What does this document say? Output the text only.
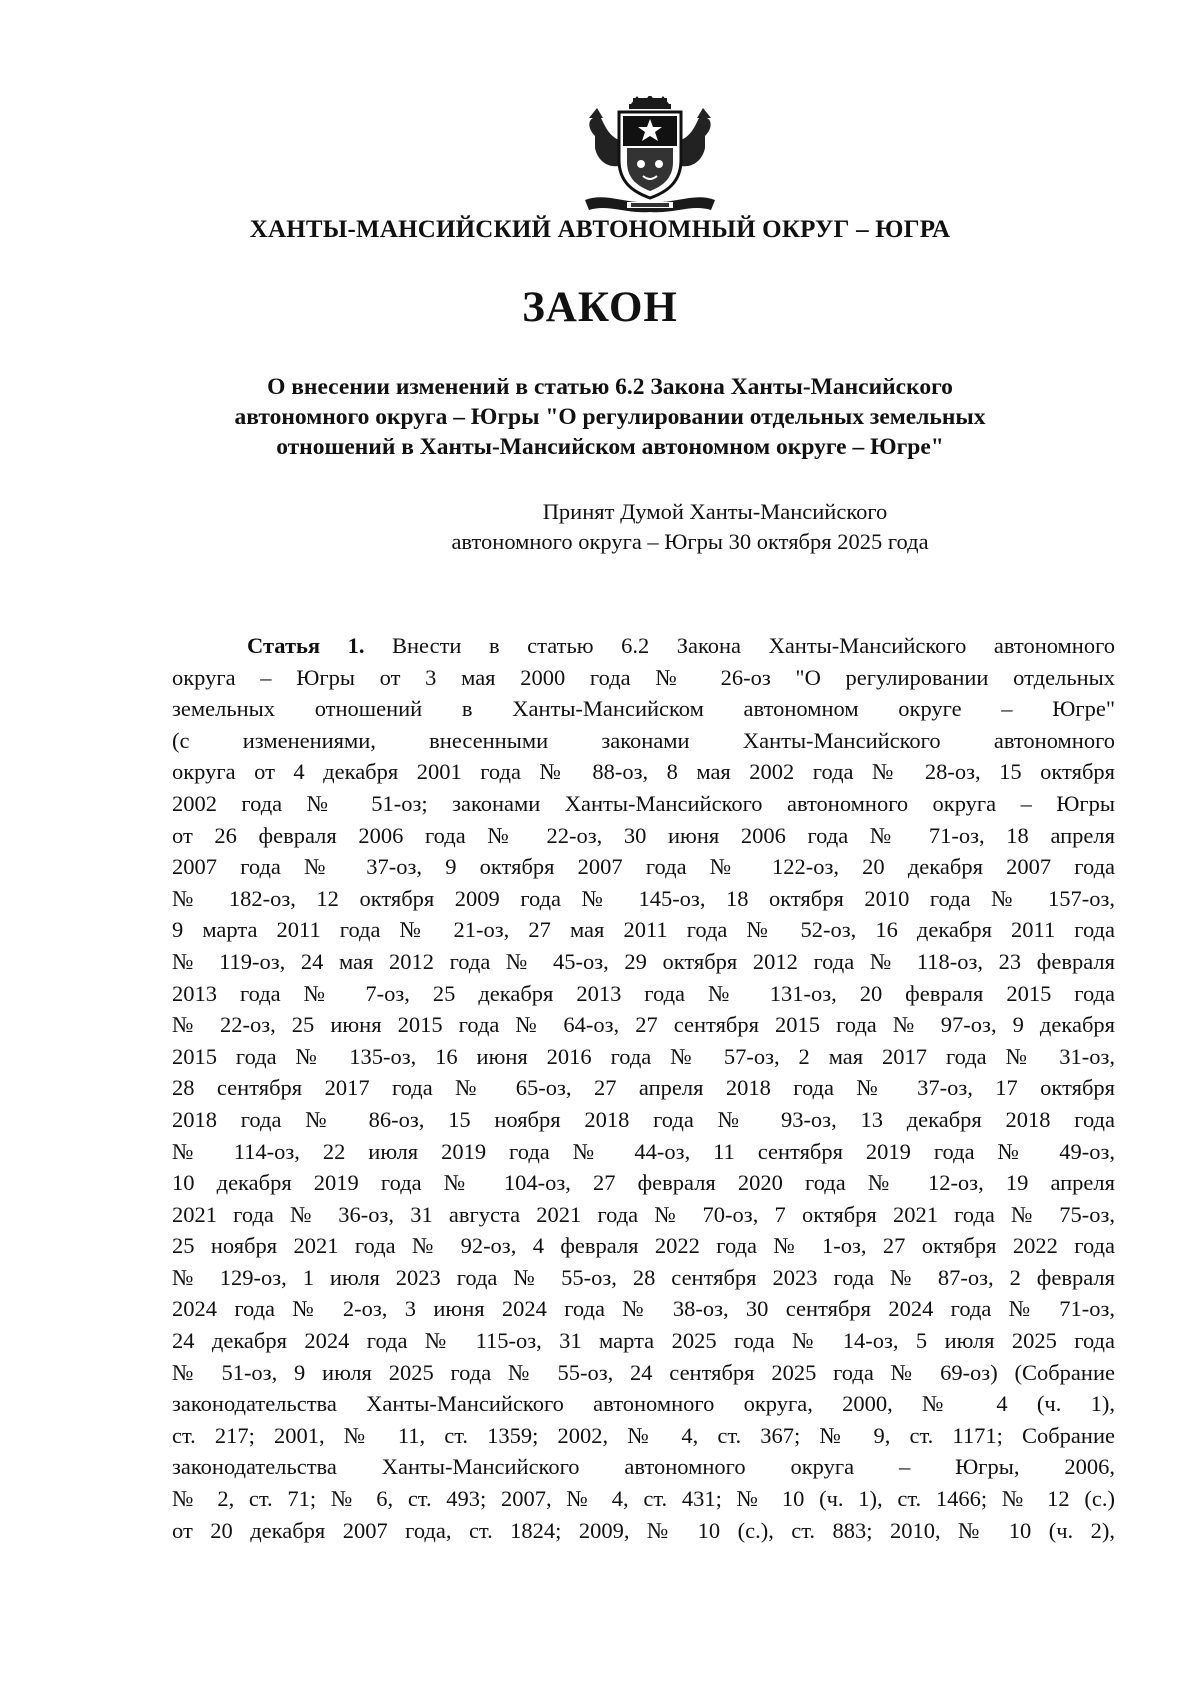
ХАНТЫ-МАНСИЙСКИЙ АВТОНОМНЫЙ ОКРУГ – ЮГРА
ЗАКОН
О внесении изменений в статью 6.2 Закона Ханты-Мансийского
автономного округа – Югры "О регулировании отдельных земельных
отношений в Ханты-Мансийском автономном округе – Югре"
Принят Думой Ханты-Мансийского
автономного округа – Югры 30 октября 2025 года
Статья 1. Внести в статью 6.2 Закона Ханты-Мансийского автономного
округа – Югры от 3 мая 2000 года № 26-оз "О регулировании отдельных
земельных отношений в Ханты-Мансийском автономном округе – Югре"
(с изменениями, внесенными законами Ханты-Мансийского автономного
округа от 4 декабря 2001 года № 88-оз, 8 мая 2002 года № 28-оз, 15 октября
2002 года № 51-оз; законами Ханты-Мансийского автономного округа – Югры
от 26 февраля 2006 года № 22-оз, 30 июня 2006 года № 71-оз, 18 апреля
2007 года № 37-оз, 9 октября 2007 года № 122-оз, 20 декабря 2007 года
№ 182-оз, 12 октября 2009 года № 145-оз, 18 октября 2010 года № 157-оз,
9 марта 2011 года № 21-оз, 27 мая 2011 года № 52-оз, 16 декабря 2011 года
№ 119-оз, 24 мая 2012 года № 45-оз, 29 октября 2012 года № 118-оз, 23 февраля
2013 года № 7-оз, 25 декабря 2013 года № 131-оз, 20 февраля 2015 года
№ 22-оз, 25 июня 2015 года № 64-оз, 27 сентября 2015 года № 97-оз, 9 декабря
2015 года № 135-оз, 16 июня 2016 года № 57-оз, 2 мая 2017 года № 31-оз,
28 сентября 2017 года № 65-оз, 27 апреля 2018 года № 37-оз, 17 октября
2018 года № 86-оз, 15 ноября 2018 года № 93-оз, 13 декабря 2018 года
№ 114-оз, 22 июля 2019 года № 44-оз, 11 сентября 2019 года № 49-оз,
10 декабря 2019 года № 104-оз, 27 февраля 2020 года № 12-оз, 19 апреля
2021 года № 36-оз, 31 августа 2021 года № 70-оз, 7 октября 2021 года № 75-оз,
25 ноября 2021 года № 92-оз, 4 февраля 2022 года № 1-оз, 27 октября 2022 года
№ 129-оз, 1 июля 2023 года № 55-оз, 28 сентября 2023 года № 87-оз, 2 февраля
2024 года № 2-оз, 3 июня 2024 года № 38-оз, 30 сентября 2024 года № 71-оз,
24 декабря 2024 года № 115-оз, 31 марта 2025 года № 14-оз, 5 июля 2025 года
№ 51-оз, 9 июля 2025 года № 55-оз, 24 сентября 2025 года № 69-оз) (Собрание
законодательства Ханты-Мансийского автономного округа, 2000, № 4 (ч. 1),
ст. 217; 2001, № 11, ст. 1359; 2002, № 4, ст. 367; № 9, ст. 1171; Собрание
законодательства Ханты-Мансийского автономного округа – Югры, 2006,
№ 2, ст. 71; № 6, ст. 493; 2007, № 4, ст. 431; № 10 (ч. 1), ст. 1466; № 12 (с.)
от 20 декабря 2007 года, ст. 1824; 2009, № 10 (с.), ст. 883; 2010, № 10 (ч. 2),
